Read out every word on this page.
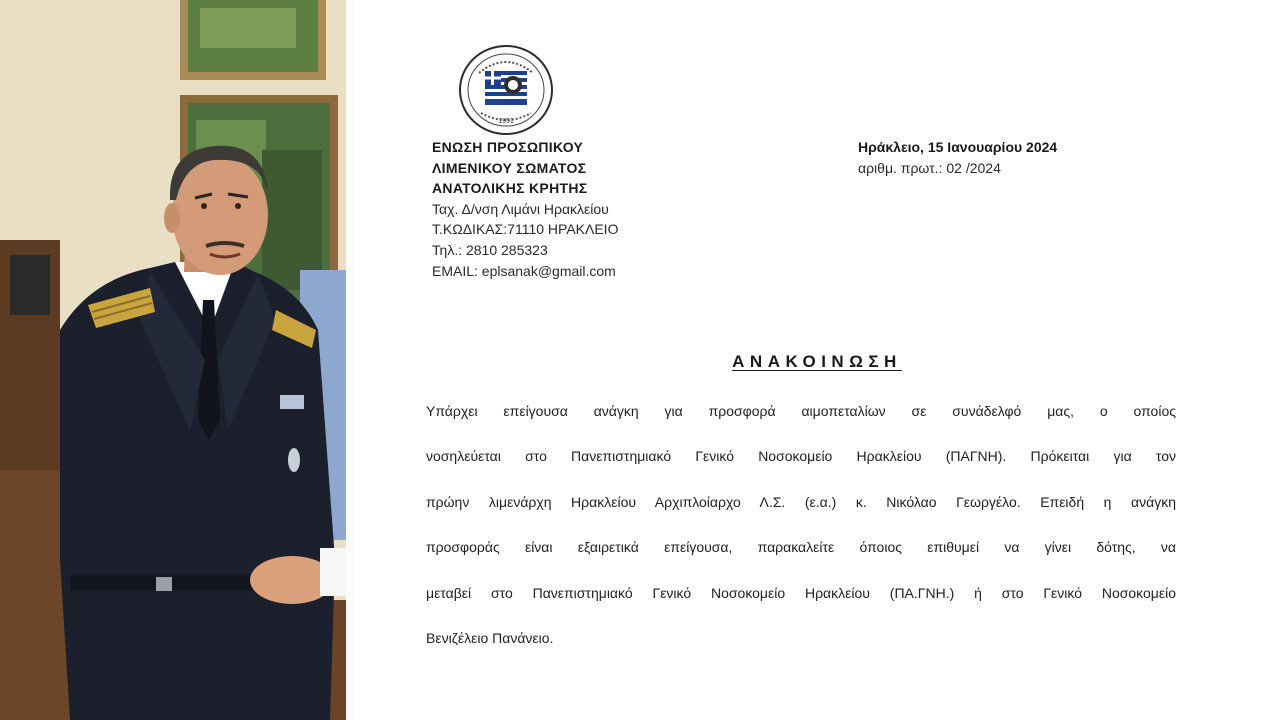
1951
ΕΝΩΣΗ ΠΡΟΣΩΠΙΚΟΥ
ΛΙΜΕΝΙΚΟΥ ΣΩΜΑΤΟΣ
ΑΝΑΤΟΛΙΚΗΣ ΚΡΗΤΗΣ
Ταχ. Δ/νση Λιμάνι Ηρακλείου
Τ.ΚΩΔΙΚΑΣ:71110 ΗΡΑΚΛΕΙΟ
Τηλ.: 2810 285323
EMAIL: eplsanak@gmail.com
Ηράκλειο, 15 Ιανουαρίου 2024
αριθμ. πρωτ.: 02 /2024
ΑΝΑΚΟΙΝΩΣΗ
Υπάρχει επείγουσα ανάγκη για προσφορά αιμοπεταλίων σε συνάδελφό μας, ο οποίος
νοσηλεύεται στο Πανεπιστημιακό Γενικό Νοσοκομείο Ηρακλείου (ΠΑΓΝΗ). Πρόκειται για τον
πρώην λιμενάρχη Ηρακλείου Αρχιπλοίαρχο Λ.Σ. (ε.α.) κ. Νικόλαο Γεωργέλο. Επειδή η ανάγκη
προσφοράς είναι εξαιρετικά επείγουσα, παρακαλείτε όποιος επιθυμεί να γίνει δότης, να
μεταβεί στο Πανεπιστημιακό Γενικό Νοσοκομείο Ηρακλείου (ΠΑ.ΓΝΗ.) ή στο Γενικό Νοσοκομείο
Βενιζέλειο Πανάνειο.
